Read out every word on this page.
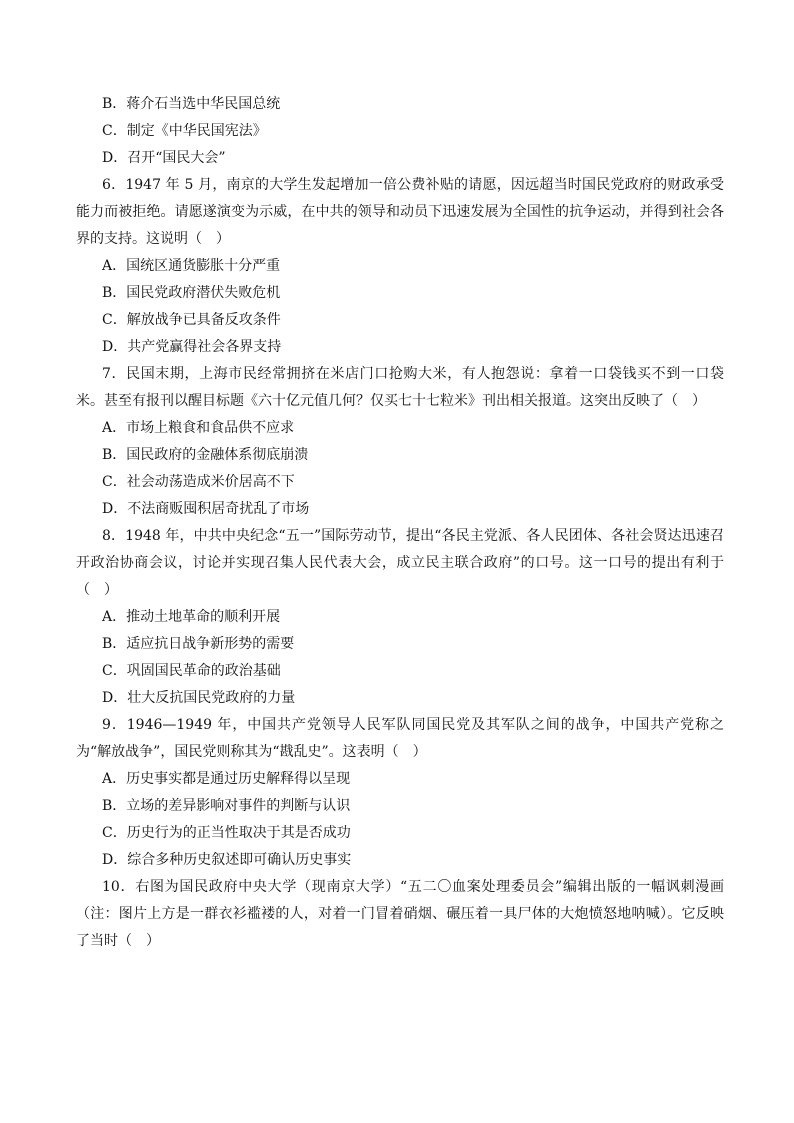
B．蒋介石当选中华民国总统
C．制定《中华民国宪法》
D．召开“国民大会”

6．1947 年 5 月，南京的大学生发起增加一倍公费补贴的请愿，因远超当时国民党政府的财政承受能力而被拒绝。请愿遂演变为示威，在中共的领导和动员下迅速发展为全国性的抗争运动，并得到社会各界的支持。这说明（　）

A．国统区通货膨胀十分严重
B．国民党政府潜伏失败危机
C．解放战争已具备反攻条件
D．共产党赢得社会各界支持

7．民国末期，上海市民经常拥挤在米店门口抢购大米，有人抱怨说：拿着一口袋钱买不到一口袋米。甚至有报刊以醒目标题《六十亿元值几何？仅买七十七粒米》刊出相关报道。这突出反映了（　）

A．市场上粮食和食品供不应求
B．国民政府的金融体系彻底崩溃
C．社会动荡造成米价居高不下
D．不法商贩囤积居奇扰乱了市场

8．1948 年，中共中央纪念“五一”国际劳动节，提出“各民主党派、各人民团体、各社会贤达迅速召开政治协商会议，讨论并实现召集人民代表大会，成立民主联合政府”的口号。这一口号的提出有利于（　）

A．推动土地革命的顺利开展
B．适应抗日战争新形势的需要
C．巩固国民革命的政治基础
D．壮大反抗国民党政府的力量

9．1946—1949 年，中国共产党领导人民军队同国民党及其军队之间的战争，中国共产党称之为“解放战争”，国民党则称其为“戡乱史”。这表明（　）

A．历史事实都是通过历史解释得以呈现
B．立场的差异影响对事件的判断与认识
C．历史行为的正当性取决于其是否成功
D．综合多种历史叙述即可确认历史事实

10．右图为国民政府中央大学（现南京大学）“五二〇血案处理委员会”编辑出版的一幅讽刺漫画（注：图片上方是一群衣衫褴褛的人，对着一门冒着硝烟、碾压着一具尸体的大炮愤怒地呐喊）。它反映了当时（　）
